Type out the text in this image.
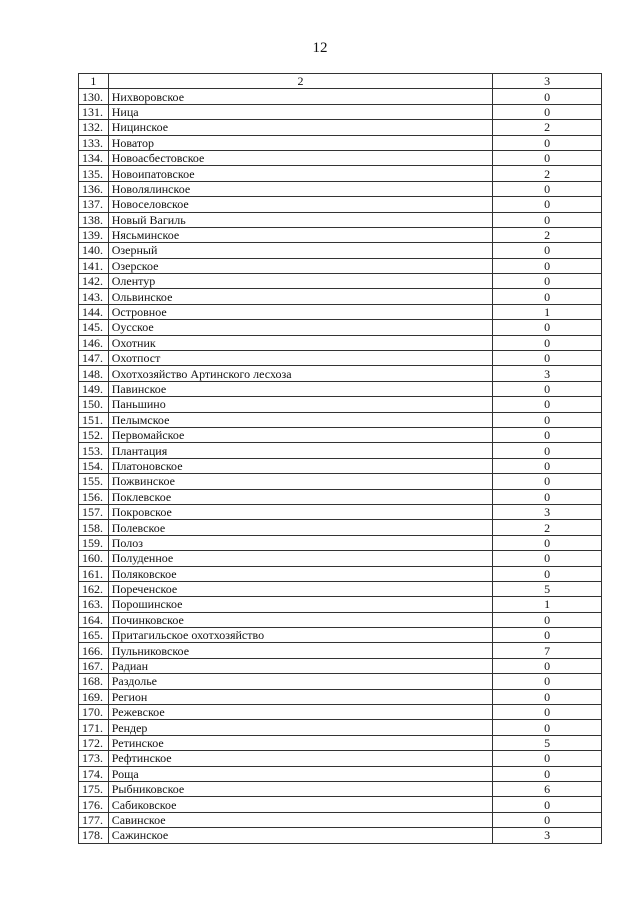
12
1	2	3
130.	Нихворовское	0
131.	Ница	0
132.	Ницинское	2
133.	Новатор	0
134.	Новоасбестовское	0
135.	Новоипатовское	2
136.	Новолялинское	0
137.	Новоселовское	0
138.	Новый Вагиль	0
139.	Нясьминское	2
140.	Озерный	0
141.	Озерское	0
142.	Олентур	0
143.	Ольвинское	0
144.	Островное	1
145.	Оусское	0
146.	Охотник	0
147.	Охотпост	0
148.	Охотхозяйство Артинского лесхоза	3
149.	Павинское	0
150.	Паньшино	0
151.	Пелымское	0
152.	Первомайское	0
153.	Плантация	0
154.	Платоновское	0
155.	Пожвинское	0
156.	Поклевское	0
157.	Покровское	3
158.	Полевское	2
159.	Полоз	0
160.	Полуденное	0
161.	Поляковское	0
162.	Пореченское	5
163.	Порошинское	1
164.	Починковское	0
165.	Притагильское охотхозяйство	0
166.	Пульниковское	7
167.	Радиан	0
168.	Раздолье	0
169.	Регион	0
170.	Режевское	0
171.	Рендер	0
172.	Ретинское	5
173.	Рефтинское	0
174.	Роща	0
175.	Рыбниковское	6
176.	Сабиковское	0
177.	Савинское	0
178.	Сажинское	3
